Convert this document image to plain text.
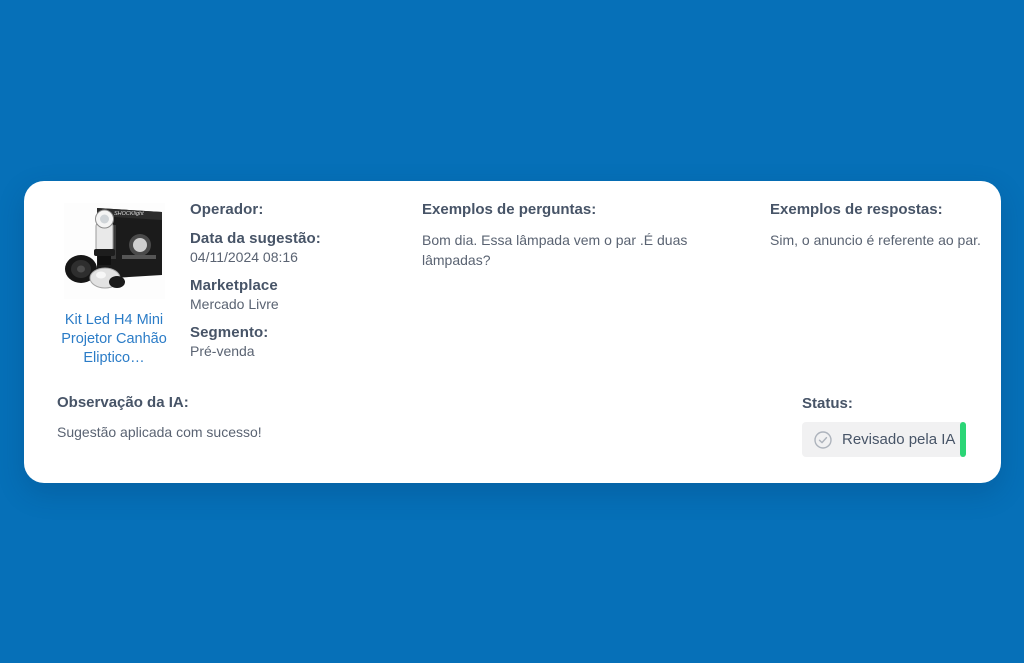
SHOCKlight
Kit Led H4 Mini Projetor Canhão Eliptico…
Operador:
Data da sugestão:
04/11/2024 08:16
Marketplace
Mercado Livre
Segmento:
Pré-venda
Exemplos de perguntas:
Bom dia. Essa lâmpada vem o par .É duas lâmpadas?
Exemplos de respostas:
Sim, o anuncio é referente ao par.
Observação da IA:
Sugestão aplicada com sucesso!
Status:
Revisado pela IA
